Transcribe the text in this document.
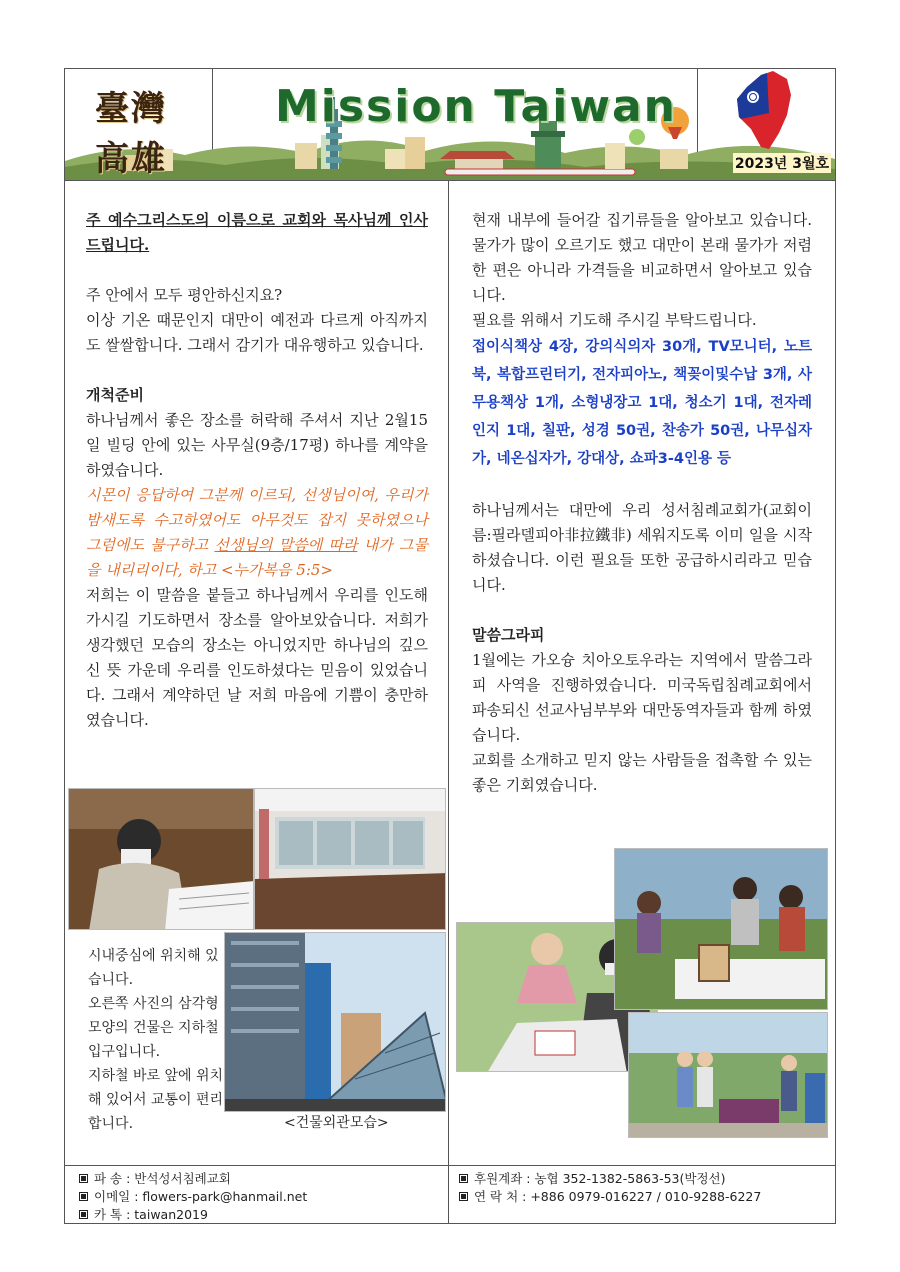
臺灣
高雄
Mission Taiwan
2023년 3월호
파 송 : 반석성서침례교회
이메일 : flowers-park@hanmail.net
카 톡 : taiwan2019
후원계좌 : 농협 352-1382-5863-53(박정선)
연 락 처 : +886 0979-016227 / 010-9288-6227

주 예수그리스도의 이름으로 교회와 목사님께 인사드립니다.

주 안에서 모두 평안하신지요?
이상 기온 때문인지 대만이 예전과 다르게 아직까지도 쌀쌀합니다. 그래서 감기가 대유행하고 있습니다.

개척준비

하나님께서 좋은 장소를 허락해 주셔서 지난 2월15일 빌딩 안에 있는 사무실(9층/17평) 하나를 계약을 하였습니다.

시몬이 응답하여 그분께 이르되, 선생님이여, 우리가 밤새도록 수고하였어도 아무것도 잡지 못하였으나 그럼에도 불구하고 선생님의 말씀에 따라 내가 그물을 내리리이다, 하고 <누가복음 5:5>

저희는 이 말씀을 붙들고 하나님께서 우리를 인도해 가시길 기도하면서 장소를 알아보았습니다. 저희가 생각했던 모습의 장소는 아니었지만 하나님의 깊으신 뜻 가운데 우리를 인도하셨다는 믿음이 있었습니다. 그래서 계약하던 날 저희 마음에 기쁨이 충만하였습니다.

현재 내부에 들어갈 집기류들을 알아보고 있습니다. 물가가 많이 오르기도 했고 대만이 본래 물가가 저렴한 편은 아니라 가격들을 비교하면서 알아보고 있습니다.
필요를 위해서 기도해 주시길 부탁드립니다.

접이식책상 4장, 강의식의자 30개, TV모니터, 노트북, 복합프린터기, 전자피아노, 책꽂이및수납 3개, 사무용책상 1개, 소형냉장고 1대, 청소기 1대, 전자레인지 1대, 칠판, 성경 50권, 찬송가 50권, 나무십자가, 네온십자가, 강대상, 쇼파3-4인용 등

하나님께서는 대만에 우리 성서침례교회가(교회이름:필라델피아非拉鐵非) 세워지도록 이미 일을 시작하셨습니다. 이런 필요들 또한 공급하시리라고 믿습니다.

말씀그라피

1월에는 가오슝 치아오토우라는 지역에서 말씀그라피 사역을 진행하였습니다. 미국독립침례교회에서 파송되신 선교사님부부와 대만동역자들과 함께 하였습니다.
교회를 소개하고 믿지 않는 사람들을 접촉할 수 있는 좋은 기회였습니다.

시내중심에 위치해 있습니다.
오른쪽 사진의 삼각형모양의 건물은 지하철입구입니다.
지하철 바로 앞에 위치해 있어서 교통이 편리합니다.	<건물외관모습>
